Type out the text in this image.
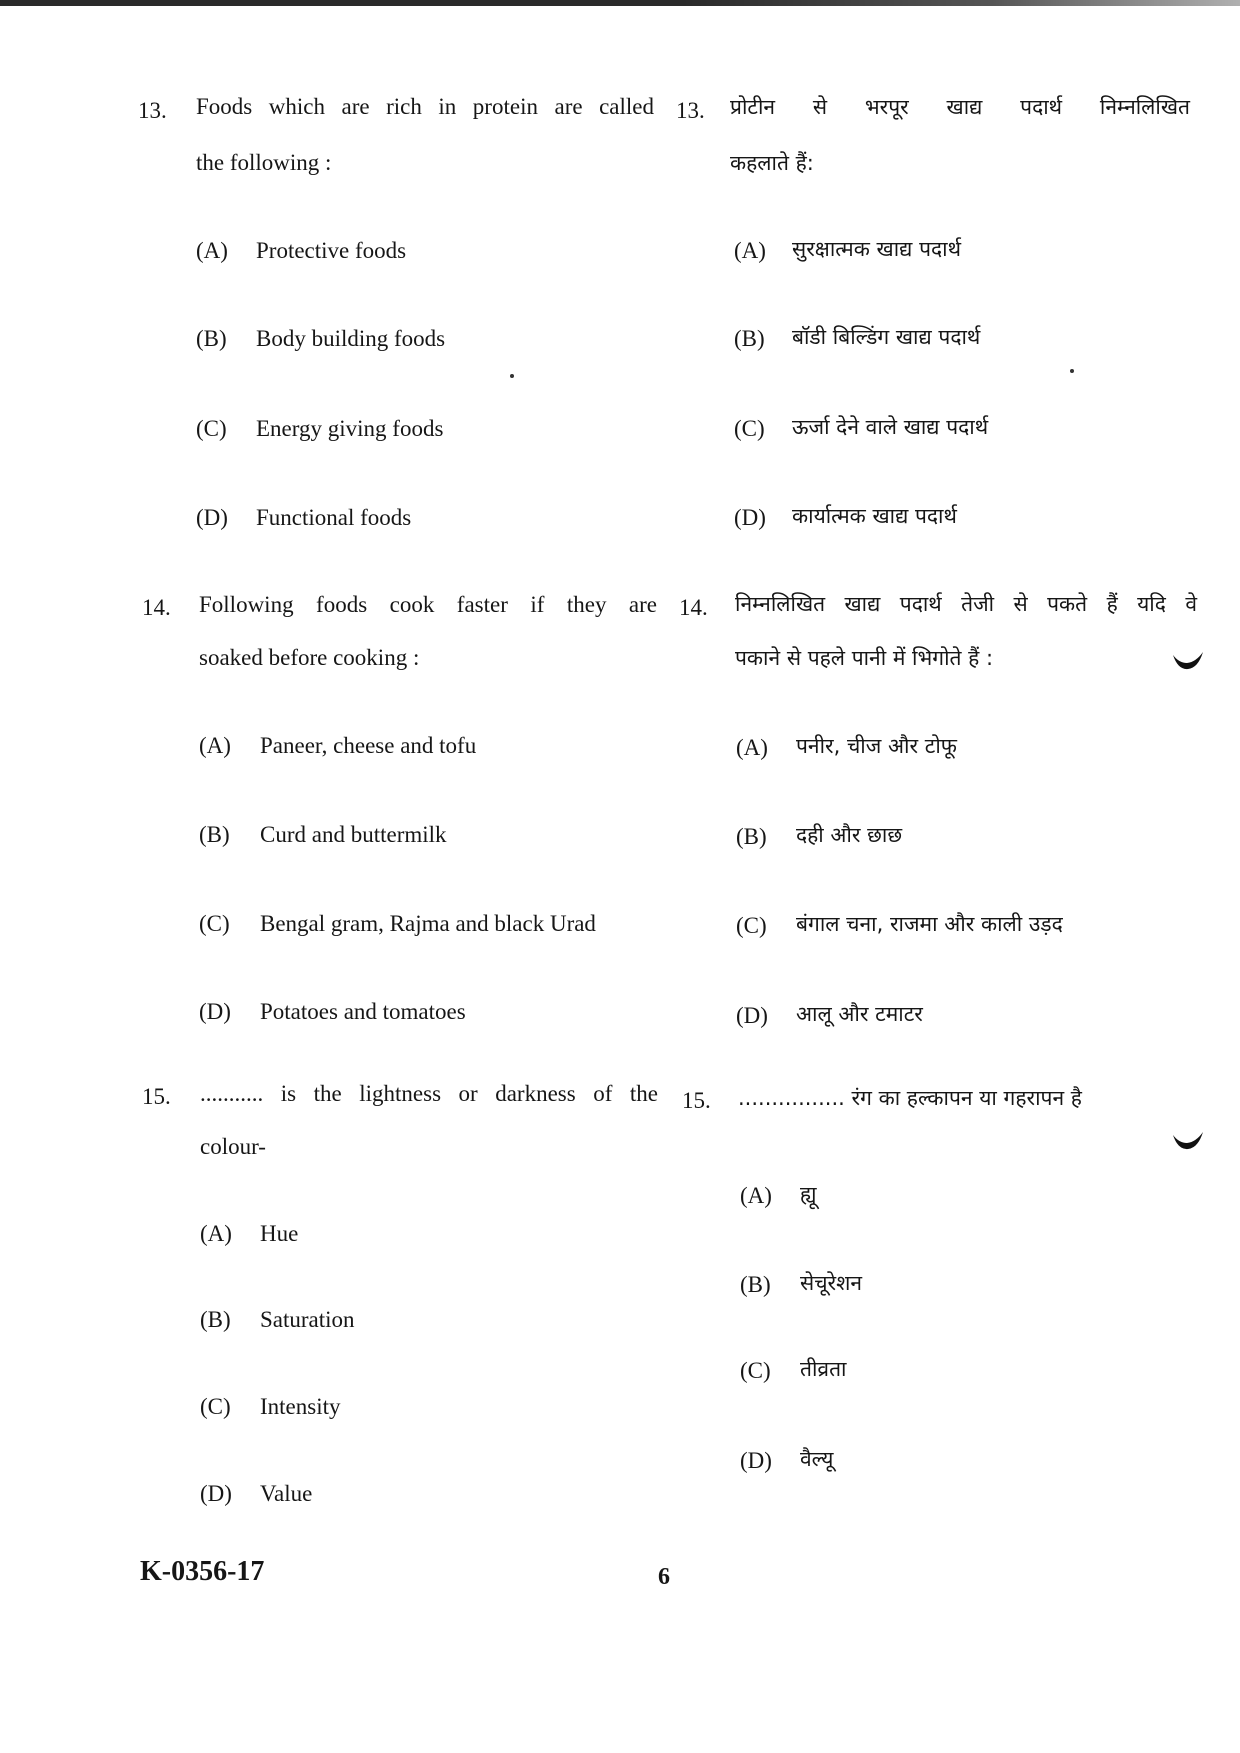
13. Foods which are rich in protein are called
the following :
(A) Protective foods
(B) Body building foods
(C) Energy giving foods
(D) Functional foods
13. प्रोटीन से भरपूर खाद्य पदार्थ निम्नलिखित
कहलाते हैं:
(A) सुरक्षात्मक खाद्य पदार्थ
(B) बॉडी बिल्डिंग खाद्य पदार्थ
(C) ऊर्जा देने वाले खाद्य पदार्थ
(D) कार्यात्मक खाद्य पदार्थ
14. Following foods cook faster if they are
soaked before cooking :
(A) Paneer, cheese and tofu
(B) Curd and buttermilk
(C) Bengal gram, Rajma and black Urad
(D) Potatoes and tomatoes
14. निम्नलिखित खाद्य पदार्थ तेजी से पकते हैं यदि वे
पकाने से पहले पानी में भिगोते हैं :
(A) पनीर, चीज और टोफू
(B) दही और छाछ
(C) बंगाल चना, राजमा और काली उड़द
(D) आलू और टमाटर
15. ........... is the lightness or darkness of the
colour-
(A) Hue
(B) Saturation
(C) Intensity
(D) Value
15. ................ रंग का हल्कापन या गहरापन है
(A) ह्यू
(B) सेचूरेशन
(C) तीव्रता
(D) वैल्यू
K-0356-17	6
